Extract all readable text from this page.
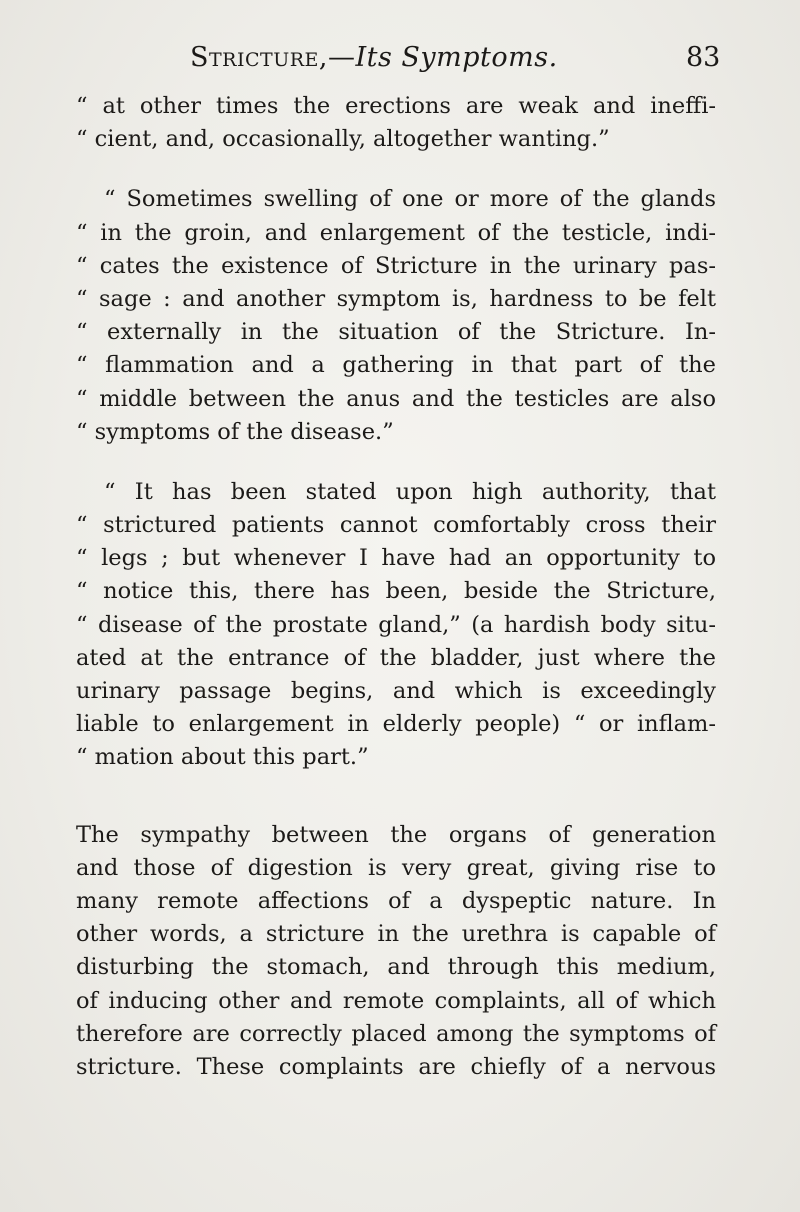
Stricture,—Its Symptoms.	83
“ at other times the erections are weak and ineffi-
“ cient, and, occasionally, altogether wanting.”
“ Sometimes swelling of one or more of the glands
“ in the groin, and enlargement of the testicle, indi-
“ cates the existence of Stricture in the urinary pas-
“ sage : and another symptom is, hardness to be felt
“ externally in the situation of the Stricture. In-
“ flammation and a gathering in that part of the
“ middle between the anus and the testicles are also
“ symptoms of the disease.”
“ It has been stated upon high authority, that
“ strictured patients cannot comfortably cross their
“ legs ; but whenever I have had an opportunity to
“ notice this, there has been, beside the Stricture,
“ disease of the prostate gland,” (a hardish body situ-
ated at the entrance of the bladder, just where the
urinary passage begins, and which is exceedingly
liable to enlargement in elderly people) “ or inflam-
“ mation about this part.”
The sympathy between the organs of generation
and those of digestion is very great, giving rise to
many remote affections of a dyspeptic nature. In
other words, a stricture in the urethra is capable of
disturbing the stomach, and through this medium,
of inducing other and remote complaints, all of which
therefore are correctly placed among the symptoms of
stricture. These complaints are chiefly of a nervous
